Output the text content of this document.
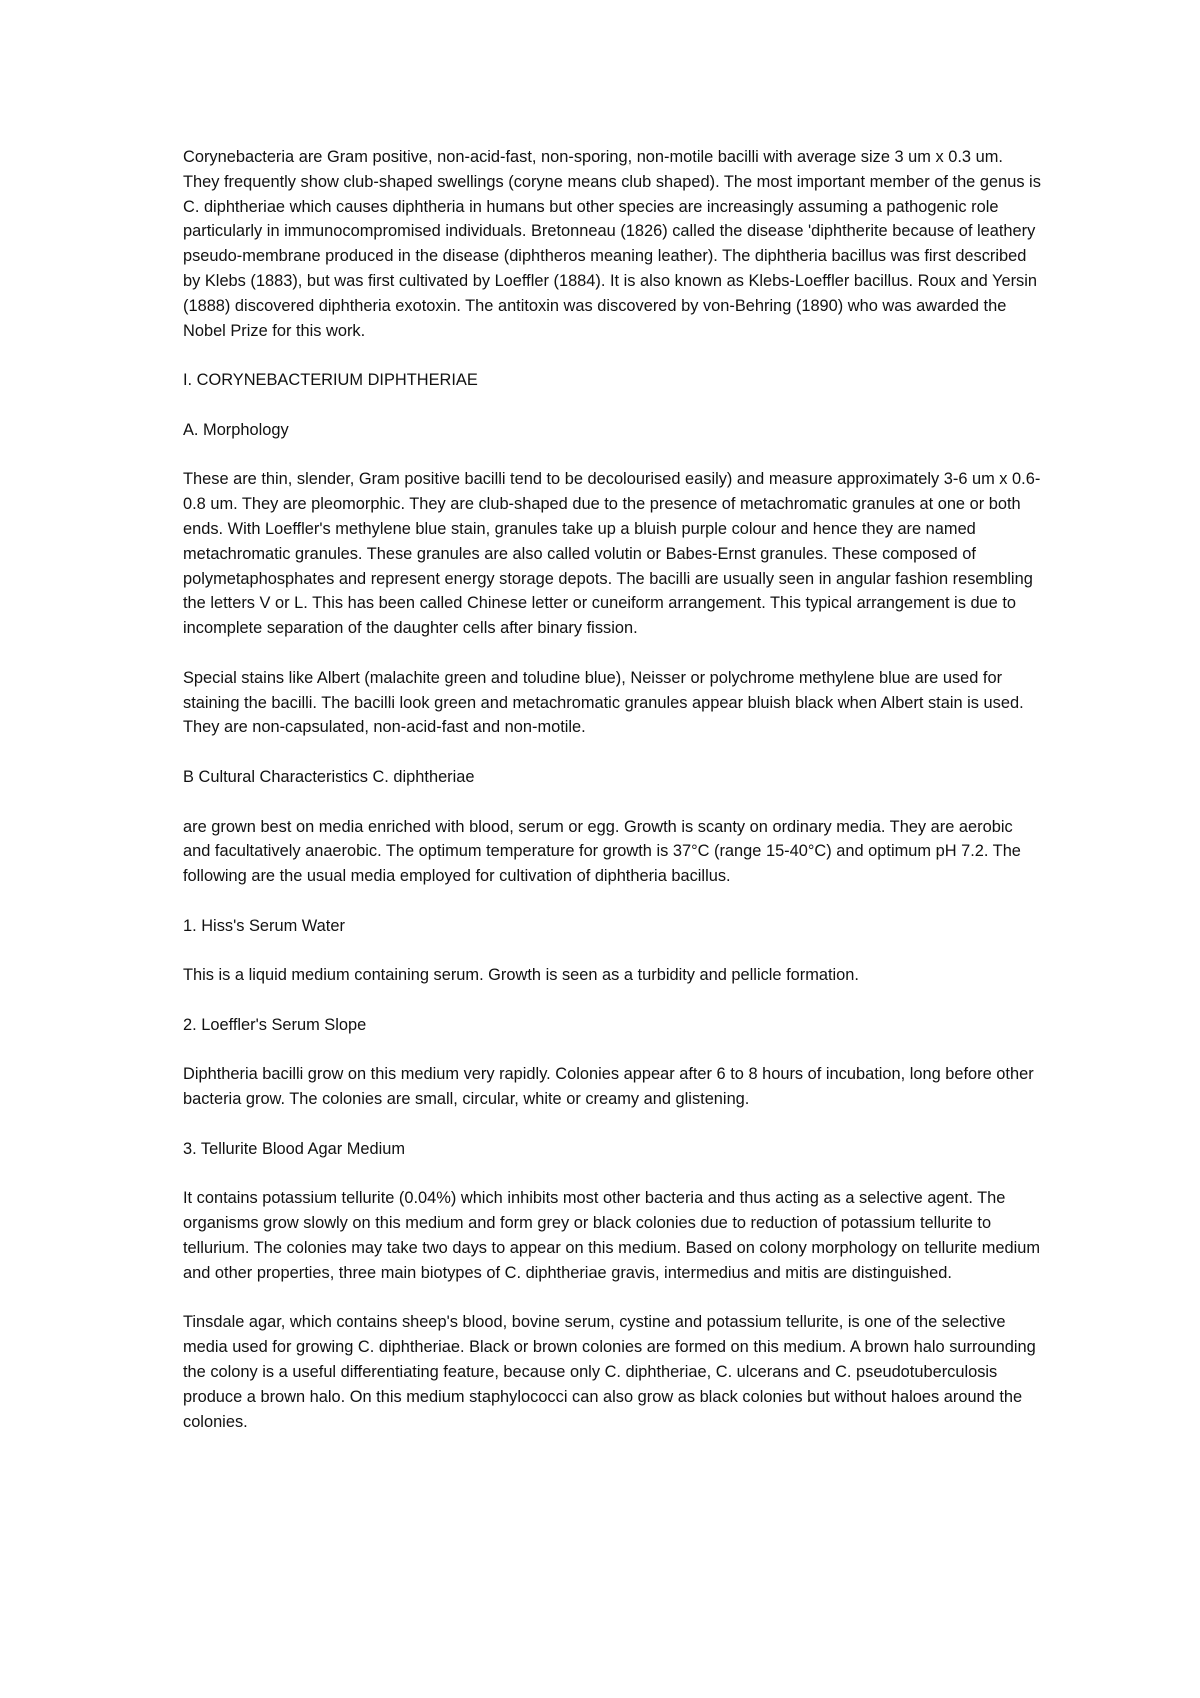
Corynebacteria are Gram positive, non-acid-fast, non-sporing, non-motile bacilli with average size 3 um x 0.3 um. They frequently show club-shaped swellings (coryne means club shaped). The most important member of the genus is C. diphtheriae which causes diphtheria in humans but other species are increasingly assuming a pathogenic role particularly in immunocompromised individuals. Bretonneau (1826) called the disease 'diphtherite because of leathery pseudo-membrane produced in the disease (diphtheros meaning leather). The diphtheria bacillus was first described by Klebs (1883), but was first cultivated by Loeffler (1884). It is also known as Klebs-Loeffler bacillus. Roux and Yersin (1888) discovered diphtheria exotoxin. The antitoxin was discovered by von-Behring (1890) who was awarded the Nobel Prize for this work.

I. CORYNEBACTERIUM DIPHTHERIAE

A. Morphology

These are thin, slender, Gram positive bacilli tend to be decolourised easily) and measure approximately 3-6 um x 0.6-0.8 um. They are pleomorphic. They are club-shaped due to the presence of metachromatic granules at one or both ends. With Loeffler's methylene blue stain, granules take up a bluish purple colour and hence they are named metachromatic granules. These granules are also called volutin or Babes-Ernst granules. These composed of polymetaphosphates and represent energy storage depots. The bacilli are usually seen in angular fashion resembling the letters V or L. This has been called Chinese letter or cuneiform arrangement. This typical arrangement is due to incomplete separation of the daughter cells after binary fission.

Special stains like Albert (malachite green and toludine blue), Neisser or polychrome methylene blue are used for staining the bacilli. The bacilli look green and metachromatic granules appear bluish black when Albert stain is used. They are non-capsulated, non-acid-fast and non-motile.

B Cultural Characteristics C. diphtheriae

are grown best on media enriched with blood, serum or egg. Growth is scanty on ordinary media. They are aerobic and facultatively anaerobic. The optimum temperature for growth is 37°C (range 15-40°C) and optimum pH 7.2. The following are the usual media employed for cultivation of diphtheria bacillus.

1. Hiss's Serum Water

This is a liquid medium containing serum. Growth is seen as a turbidity and pellicle formation.

2. Loeffler's Serum Slope

Diphtheria bacilli grow on this medium very rapidly. Colonies appear after 6 to 8 hours of incubation, long before other bacteria grow. The colonies are small, circular, white or creamy and glistening.

3. Tellurite Blood Agar Medium

It contains potassium tellurite (0.04%) which inhibits most other bacteria and thus acting as a selective agent. The organisms grow slowly on this medium and form grey or black colonies due to reduction of potassium tellurite to tellurium. The colonies may take two days to appear on this medium. Based on colony morphology on tellurite medium and other properties, three main biotypes of C. diphtheriae gravis, intermedius and mitis are distinguished.

Tinsdale agar, which contains sheep's blood, bovine serum, cystine and potassium tellurite, is one of the selective media used for growing C. diphtheriae. Black or brown colonies are formed on this medium. A brown halo surrounding the colony is a useful differentiating feature, because only C. diphtheriae, C. ulcerans and C. pseudotuberculosis produce a brown halo. On this medium staphylococci can also grow as black colonies but without haloes around the colonies.
